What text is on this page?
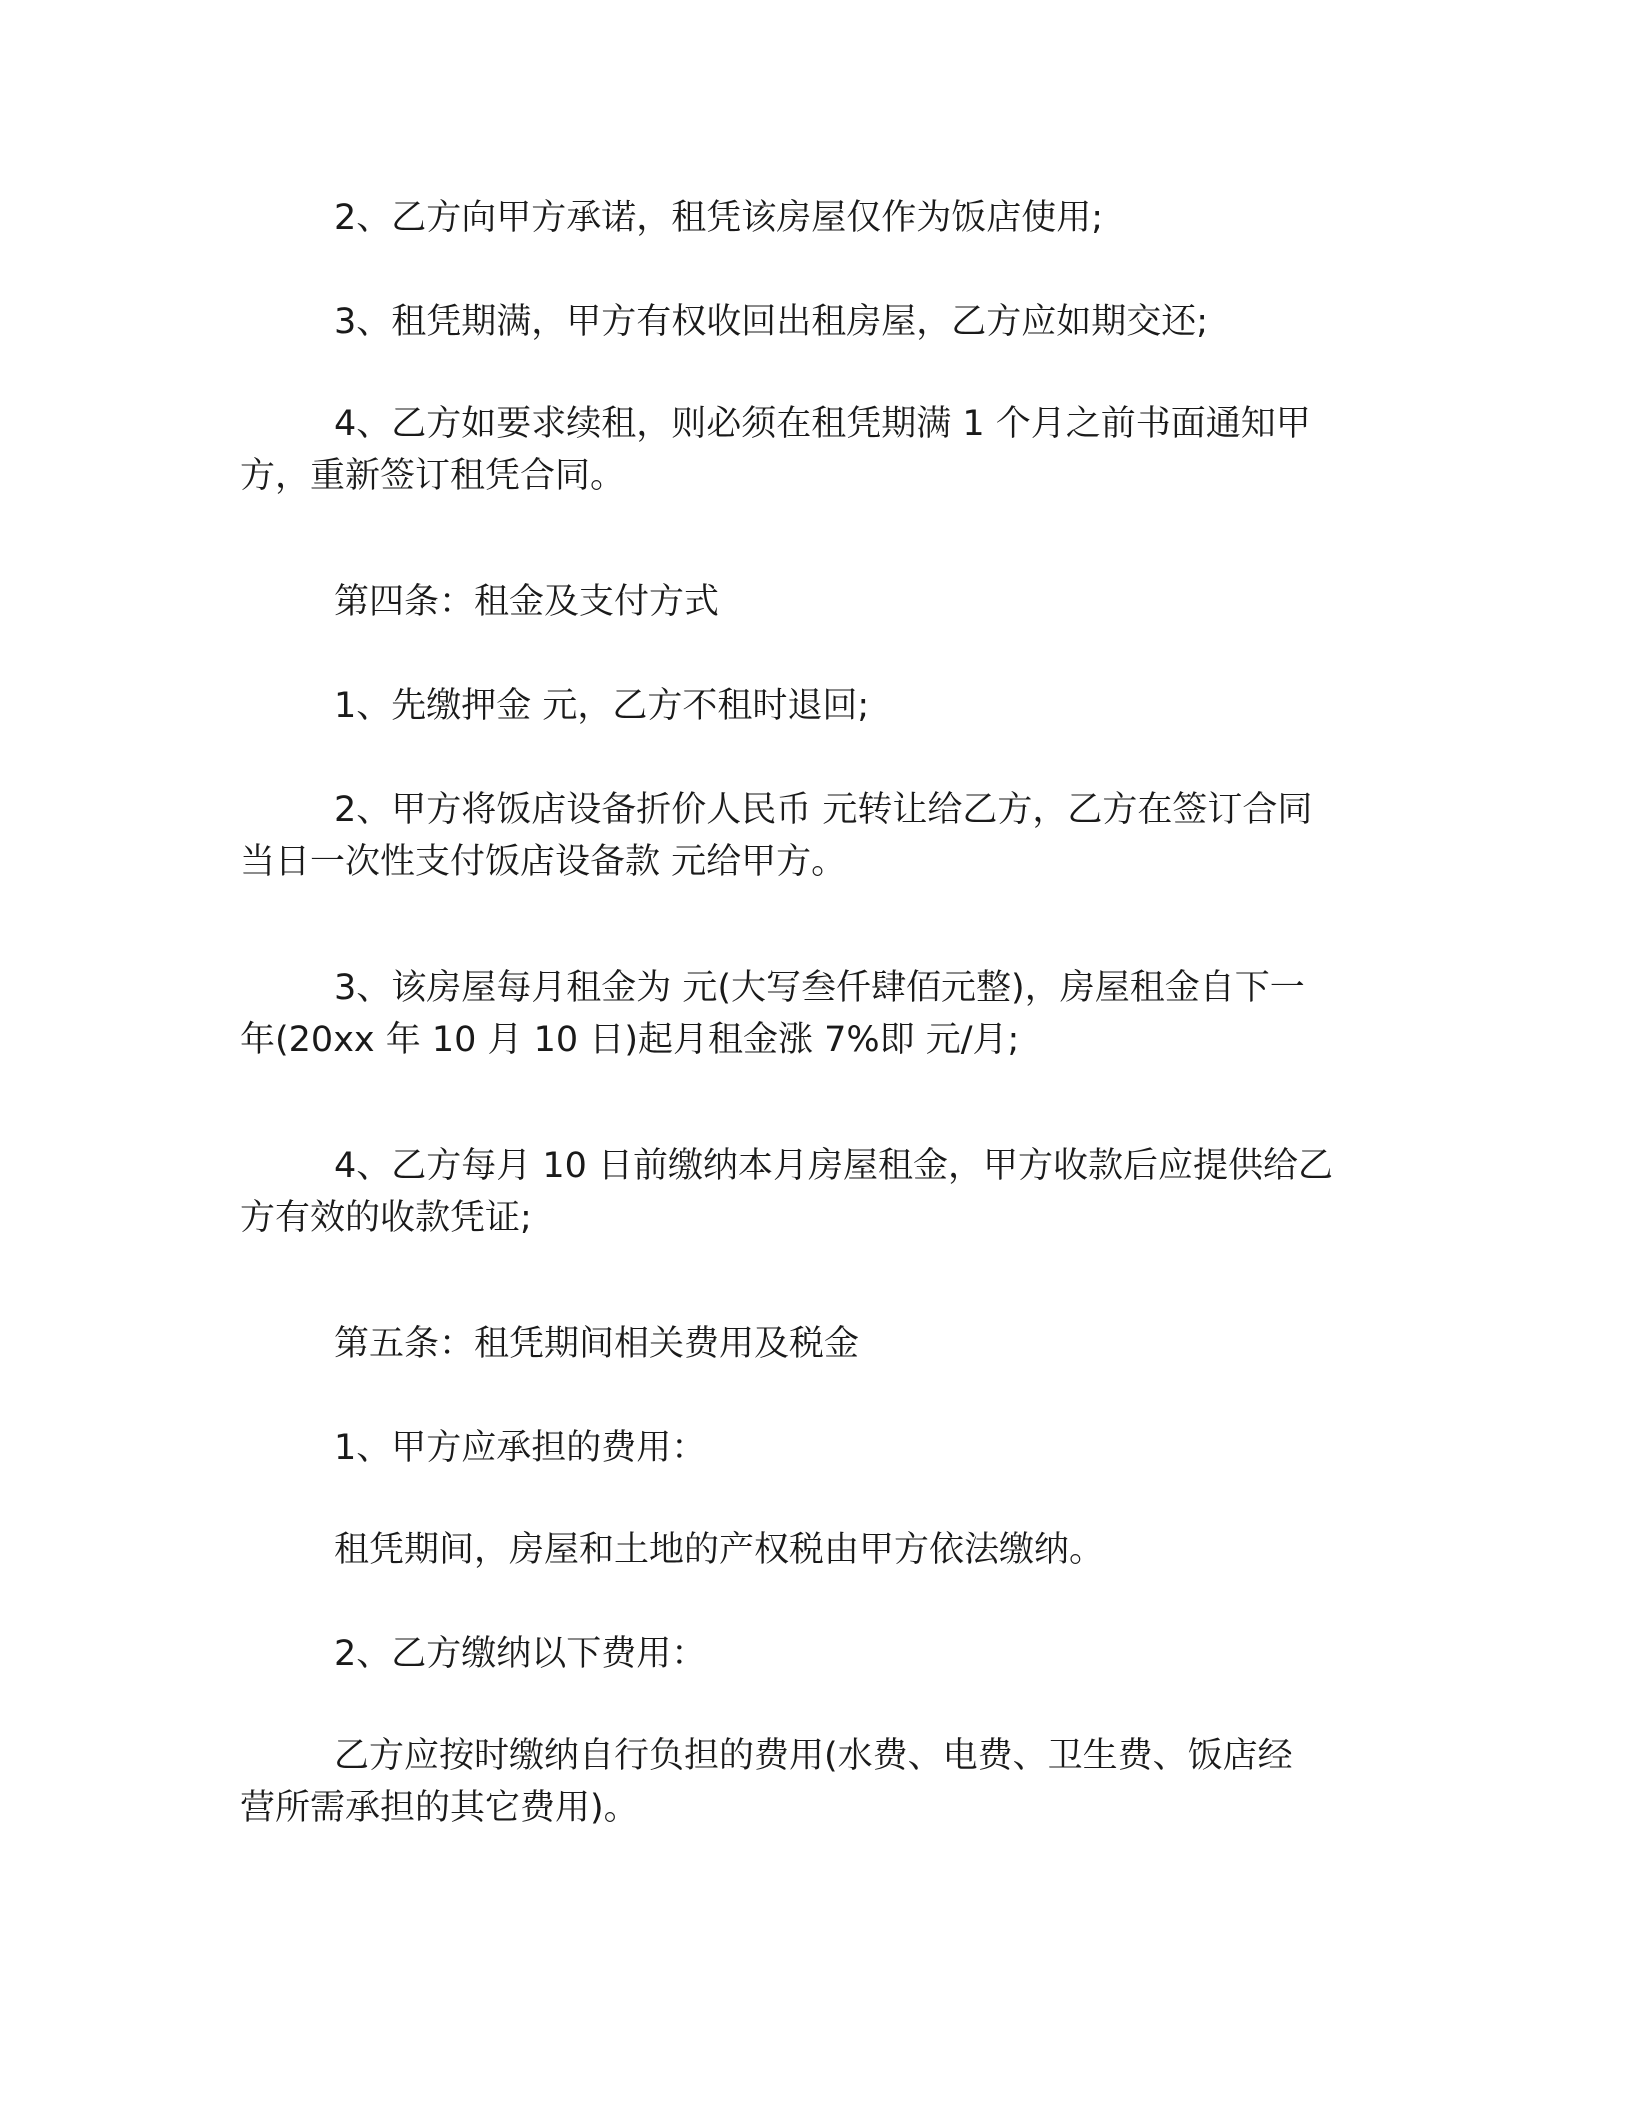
2、乙方向甲方承诺，租凭该房屋仅作为饭店使用;

3、租凭期满，甲方有权收回出租房屋，乙方应如期交还;

4、乙方如要求续租，则必须在租凭期满 1 个月之前书面通知甲
方，重新签订租凭合同。

第四条：租金及支付方式

1、先缴押金 元，乙方不租时退回;

2、甲方将饭店设备折价人民币 元转让给乙方，乙方在签订合同
当日一次性支付饭店设备款 元给甲方。

3、该房屋每月租金为 元(大写叁仟肆佰元整)，房屋租金自下一
年(20xx 年 10 月 10 日)起月租金涨 7%即 元/月;

4、乙方每月 10 日前缴纳本月房屋租金，甲方收款后应提供给乙
方有效的收款凭证;

第五条：租凭期间相关费用及税金

1、甲方应承担的费用：

租凭期间，房屋和土地的产权税由甲方依法缴纳。

2、乙方缴纳以下费用：

乙方应按时缴纳自行负担的费用(水费、电费、卫生费、饭店经
营所需承担的其它费用)。
